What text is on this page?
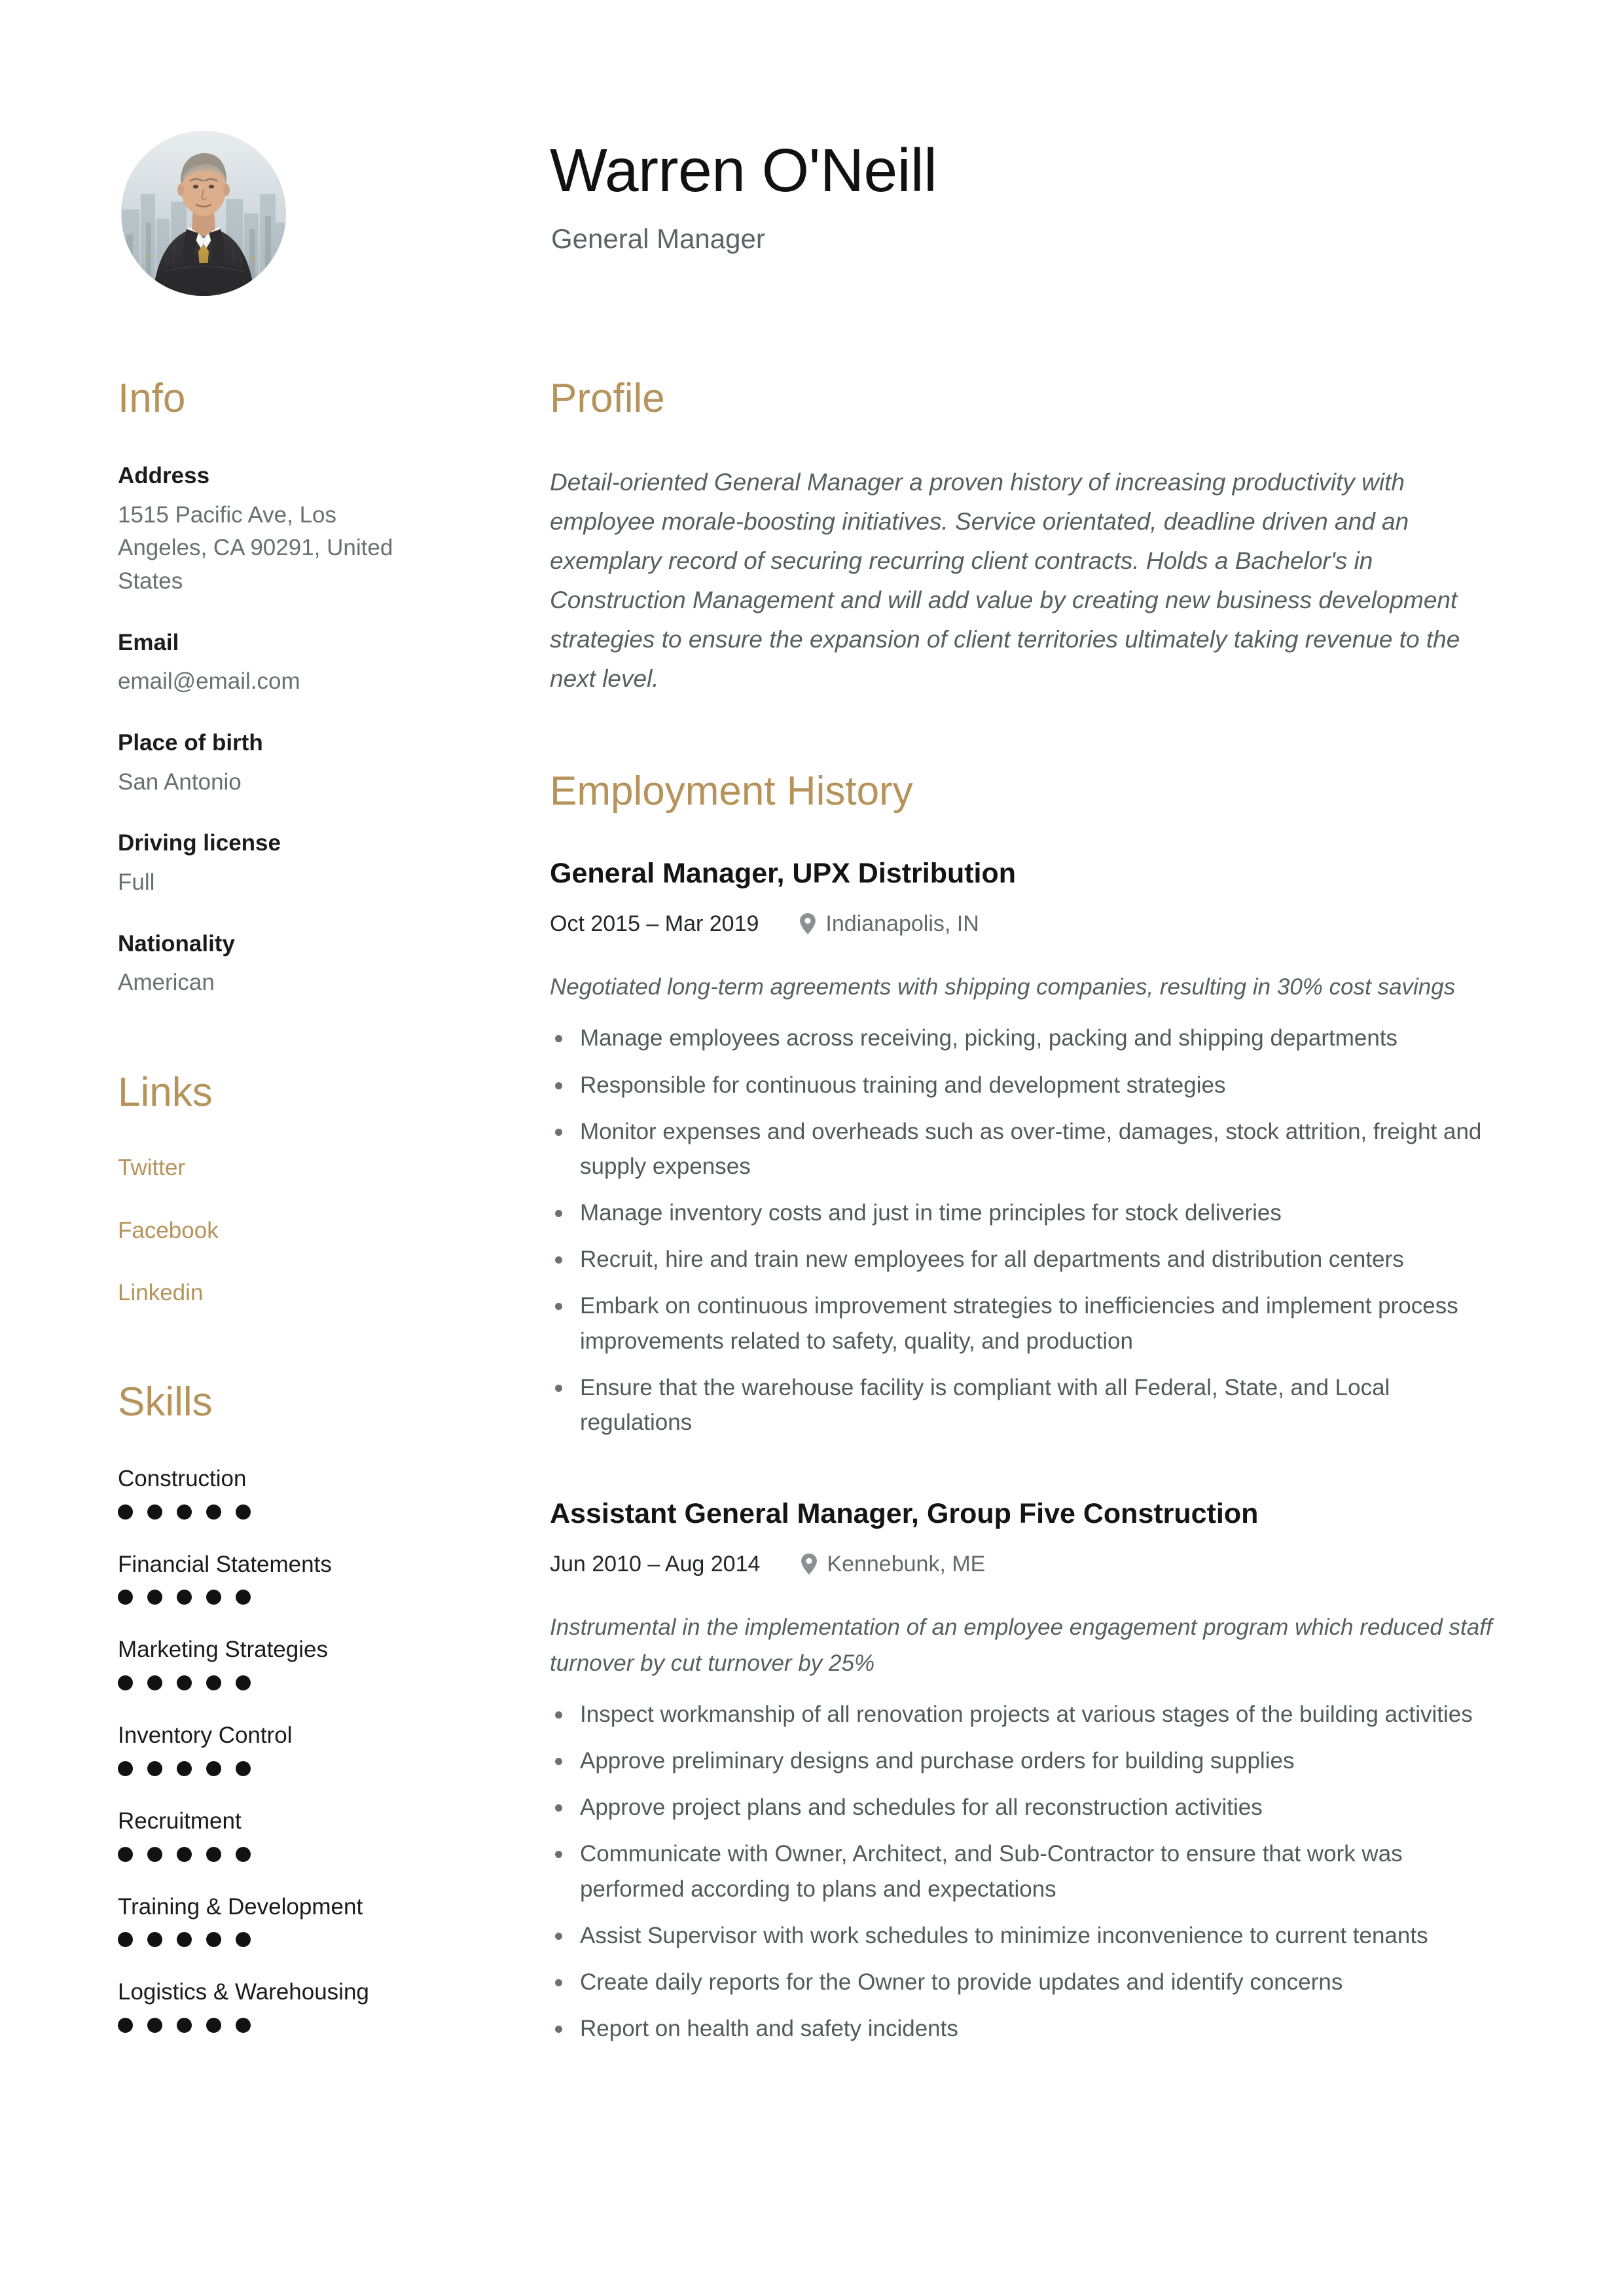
Warren O'Neill
General Manager
Info
Address
1515 Pacific Ave, Los Angeles, CA 90291, United States
Email
email@email.com
Place of birth
San Antonio
Driving license
Full
Nationality
American
Links
Twitter
Facebook
Linkedin
Skills
Construction
Financial Statements
Marketing Strategies
Inventory Control
Recruitment
Training & Development
Logistics & Warehousing
Profile

Detail-oriented General Manager a proven history of increasing productivity with employee morale-boosting initiatives. Service orientated, deadline driven and an exemplary record of securing recurring client contracts. Holds a Bachelor's in Construction Management and will add value by creating new business development strategies to ensure the expansion of client territories ultimately taking revenue to the next level.

Employment History
General Manager, UPX Distribution
Oct 2015 – Mar 2019	Indianapolis, IN
Negotiated long-term agreements with shipping companies, resulting in 30% cost savings
Manage employees across receiving, picking, packing and shipping departments
Responsible for continuous training and development strategies
Monitor expenses and overheads such as over-time, damages, stock attrition, freight and supply expenses
Manage inventory costs and just in time principles for stock deliveries
Recruit, hire and train new employees for all departments and distribution centers
Embark on continuous improvement strategies to inefficiencies and implement process improvements related to safety, quality, and production
Ensure that the warehouse facility is compliant with all Federal, State, and Local regulations
Assistant General Manager, Group Five Construction
Jun 2010 – Aug 2014	Kennebunk, ME
Instrumental in the implementation of an employee engagement program which reduced staff turnover by cut turnover by 25%
Inspect workmanship of all renovation projects at various stages of the building activities
Approve preliminary designs and purchase orders for building supplies
Approve project plans and schedules for all reconstruction activities
Communicate with Owner, Architect, and Sub-Contractor to ensure that work was performed according to plans and expectations
Assist Supervisor with work schedules to minimize inconvenience to current tenants
Create daily reports for the Owner to provide updates and identify concerns
Report on health and safety incidents
